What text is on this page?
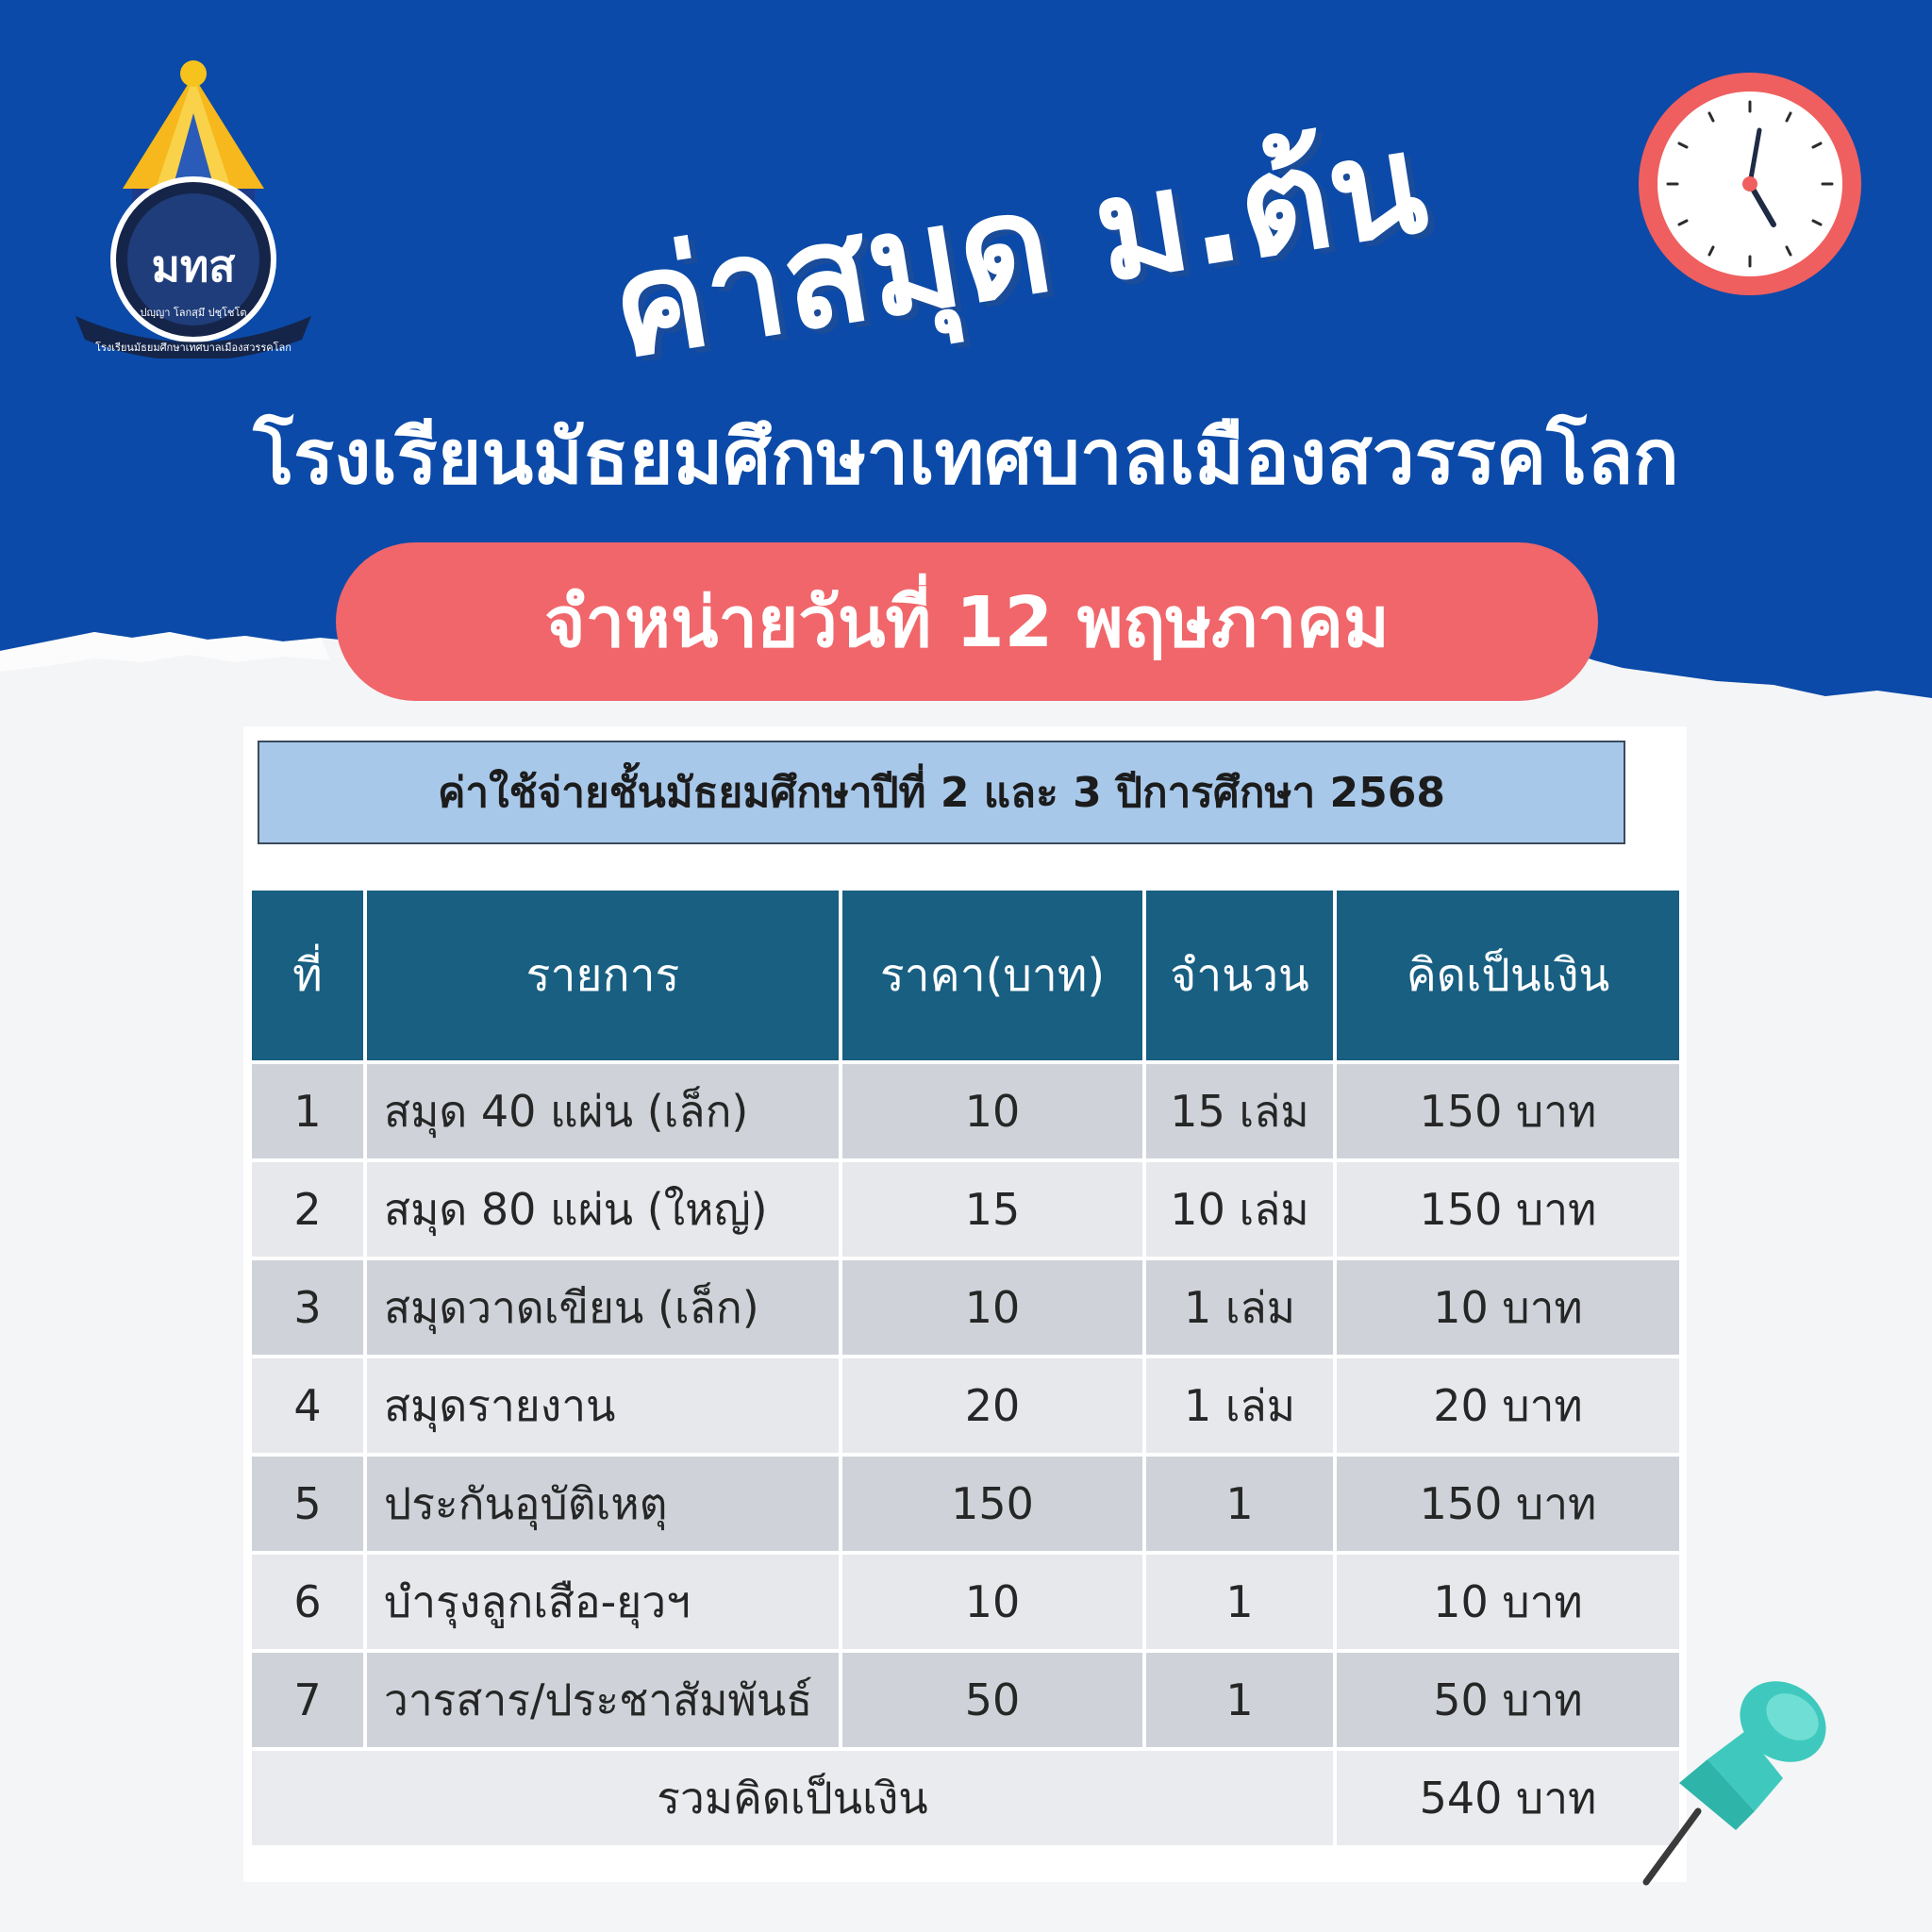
มทส
ปญฺญา โลกสฺมึ ปชฺโชโต
โรงเรียนมัธยมศึกษาเทศบาลเมืองสวรรคโลก	ค่าสมุด ม.ต้น
โรงเรียนมัธยมศึกษาเทศบาลเมืองสวรรคโลก
จำหน่ายวันที่ 12 พฤษภาคม
ค่าใช้จ่ายชั้นมัธยมศึกษาปีที่ 2 และ 3 ปีการศึกษา 2568
ที่	รายการ	ราคา(บาท)	จำนวน	คิดเป็นเงิน
1	สมุด 40 แผ่น (เล็ก)	10	15 เล่ม	150 บาท
2	สมุด 80 แผ่น (ใหญ่)	15	10 เล่ม	150 บาท
3	สมุดวาดเขียน (เล็ก)	10	1 เล่ม	10 บาท
4	สมุดรายงาน	20	1 เล่ม	20 บาท
5	ประกันอุบัติเหตุ	150	1	150 บาท
6	บำรุงลูกเสือ-ยุวฯ	10	1	10 บาท
7	วารสาร/ประชาสัมพันธ์	50	1	50 บาท
รวมคิดเป็นเงิน				540 บาท
